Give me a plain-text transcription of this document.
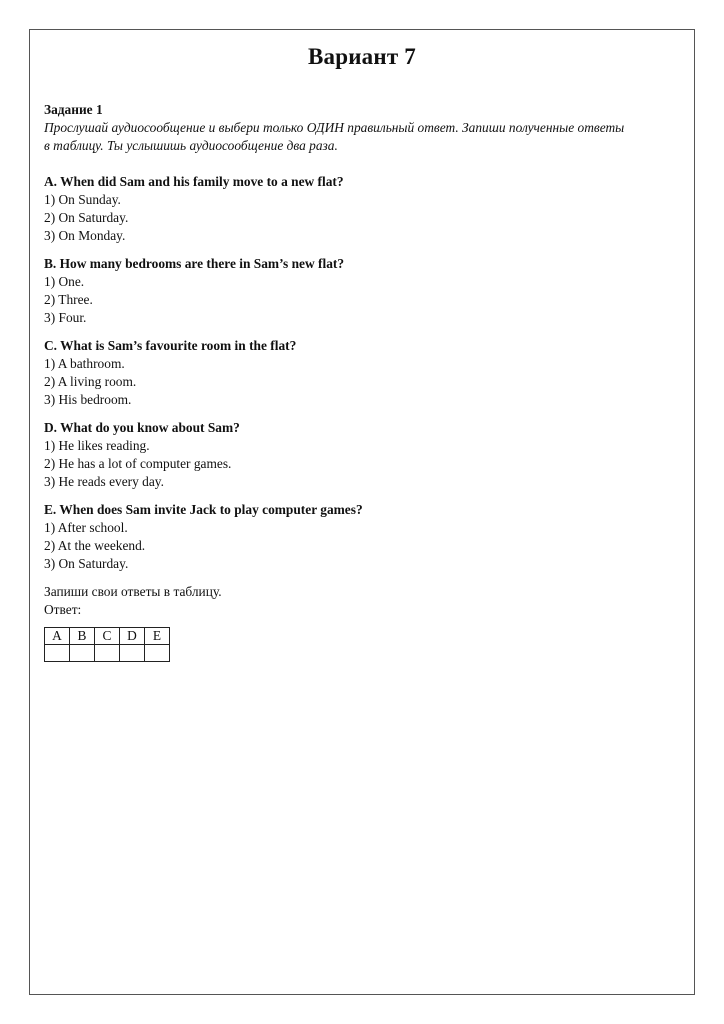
Вариант 7
Задание 1
Прослушай аудиосообщение и выбери только ОДИН правильный ответ. Запиши полученные ответы
в таблицу. Ты услышишь аудиосообщение два раза.
A. When did Sam and his family move to a new flat?
1) On Sunday.
2) On Saturday.
3) On Monday.
B. How many bedrooms are there in Sam’s new flat?
1) One.
2) Three.
3) Four.
C. What is Sam’s favourite room in the flat?
1) A bathroom.
2) A living room.
3) His bedroom.
D. What do you know about Sam?
1) He likes reading.
2) He has a lot of computer games.
3) He reads every day.
E. When does Sam invite Jack to play computer games?
1) After school.
2) At the weekend.
3) On Saturday.
Запиши свои ответы в таблицу.
Ответ:
A	B	C	D	E
